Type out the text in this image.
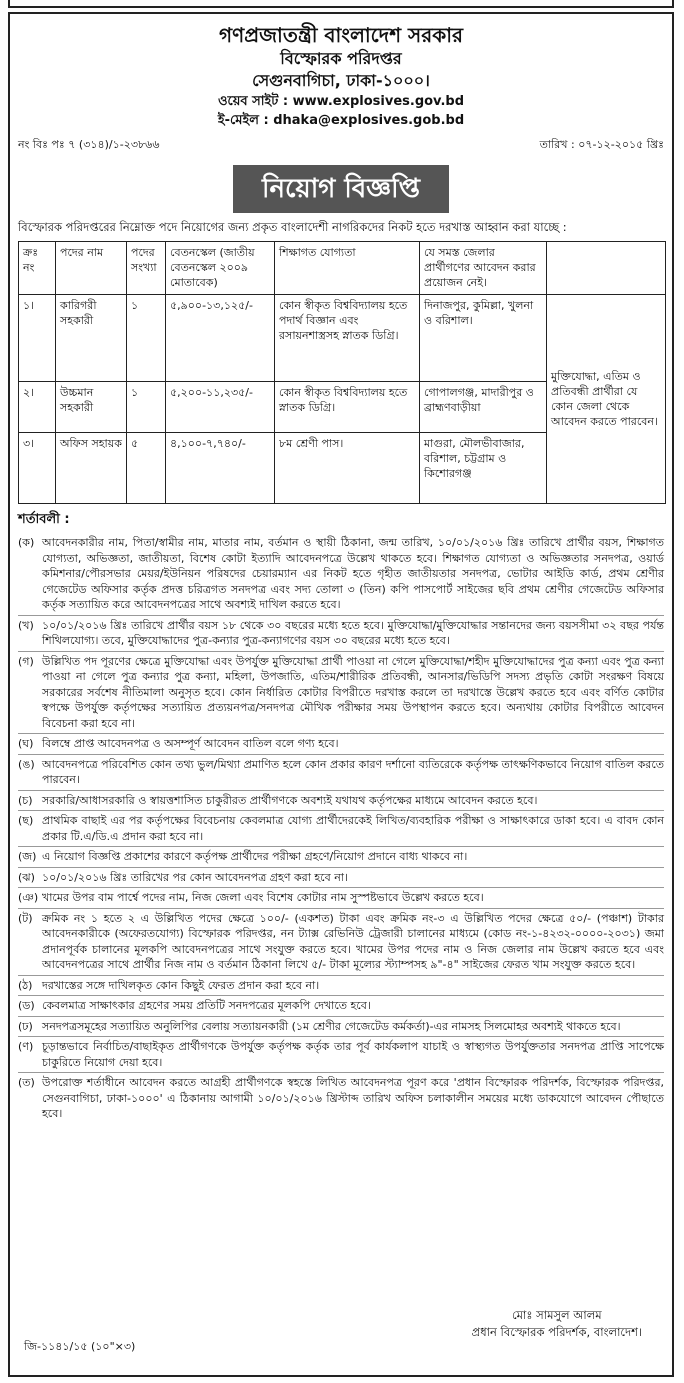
গণপ্রজাতন্ত্রী বাংলাদেশ সরকার
বিস্ফোরক পরিদপ্তর
সেগুনবাগিচা, ঢাকা-১০০০।
ওয়েব সাইট : www.explosives.gov.bd
ই-মেইল : dhaka@explosives.gob.bd
নং বিঃ পঃ ৭ (৩১৪)/১-২৩৮৬৬	তারিখ : ০৭-১২-২০১৫ খ্রিঃ
নিয়োগ বিজ্ঞপ্তি
বিস্ফোরক পরিদপ্তরের নিম্নোক্ত পদে নিয়োগের জন্য প্রকৃত বাংলাদেশী নাগরিকদের নিকট হতে দরখাস্ত আহ্বান করা যাচ্ছে :
ক্রঃ নং	পদের নাম	পদের সংখ্যা	বেতনস্কেল (জাতীয় বেতনস্কেল ২০০৯ মোতাবেক)	শিক্ষাগত যোগ্যতা	যে সমস্ত জেলার প্রার্থীগণের আবেদন করার প্রয়োজন নেই।	
১।	কারিগরী সহকারী	১	৫,৯০০-১৩,১২৫/-	কোন স্বীকৃত বিশ্ববিদ্যালয় হতে পদার্থ বিজ্ঞান এবং রসায়নশাস্ত্রসহ স্নাতক ডিগ্রি।	দিনাজপুর, কুমিল্লা, খুলনা ও বরিশাল।	মুক্তিযোদ্ধা, এতিম ও প্রতিবন্ধী প্রার্থীরা যে কোন জেলা থেকে আবেদন করতে পারবেন।
২।	উচ্চমান সহকারী	১	৫,২০০-১১,২৩৫/-	কোন স্বীকৃত বিশ্ববিদ্যালয় হতে স্নাতক ডিগ্রি।	গোপালগঞ্জ, মাদারীপুর ও ব্রাহ্মণবাড়ীয়া	
৩।	অফিস সহায়ক	৫	৪,১০০-৭,৭৪০/-	৮ম শ্রেণী পাস।	মাগুরা, মৌলভীবাজার, বরিশাল, চট্টগ্রাম ও কিশোরগঞ্জ	
শর্তাবলী :
(ক) আবেদনকারীর নাম, পিতা/স্বামীর নাম, মাতার নাম, বর্তমান ও স্থায়ী ঠিকানা, জন্ম তারিখ, ১০/০১/২০১৬ খ্রিঃ তারিখে প্রার্থীর বয়স, শিক্ষাগত যোগ্যতা, অভিজ্ঞতা, জাতীয়তা, বিশেষ কোটা ইত্যাদি আবেদনপত্রে উল্লেখ থাকতে হবে। শিক্ষাগত যোগ্যতা ও অভিজ্ঞতার সনদপত্র, ওয়ার্ড কমিশনার/পৌরসভার মেয়র/ইউনিয়ন পরিষদের চেয়ারম্যান এর নিকট হতে গৃহীত জাতীয়তার সনদপত্র, ভোটার আইডি কার্ড, প্রথম শ্রেণীর গেজেটেড অফিসার কর্তৃক প্রদত্ত চরিত্রগত সনদপত্র এবং সদ্য তোলা ৩ (তিন) কপি পাসপোর্ট সাইজের ছবি প্রথম শ্রেণীর গেজেটেড অফিসার কর্তৃক সত্যায়িত করে আবেদনপত্রের সাথে অবশ্যই দাখিল করতে হবে।
(খ) ১০/০১/২০১৬ খ্রিঃ তারিখে প্রার্থীর বয়স ১৮ থেকে ৩০ বছরের মধ্যে হতে হবে। মুক্তিযোদ্ধা/মুক্তিযোদ্ধার সন্তানদের জন্য বয়সসীমা ৩২ বছর পর্যন্ত শিথিলযোগ্য। তবে, মুক্তিযোদ্ধাদের পুত্র-কন্যার পুত্র-কন্যাগণের বয়স ৩০ বছরের মধ্যে হতে হবে।
(গ) উল্লিখিত পদ পূরণের ক্ষেত্রে মুক্তিযোদ্ধা এবং উপর্যুক্ত মুক্তিযোদ্ধা প্রার্থী পাওয়া না গেলে মুক্তিযোদ্ধা/শহীদ মুক্তিযোদ্ধাদের পুত্র কন্যা এবং পুত্র কন্যা পাওয়া না গেলে পুত্র কন্যার পুত্র কন্যা, মহিলা, উপজাতি, এতিম/শারীরিক প্রতিবন্ধী, আনসার/ভিডিপি সদস্য প্রভৃতি কোটা সংরক্ষণ বিষয়ে সরকারের সর্বশেষ নীতিমালা অনুসৃত হবে। কোন নির্ধারিত কোটার বিপরীতে দরখাস্ত করলে তা দরখাস্তে উল্লেখ করতে হবে এবং বর্ণিত কোটার স্বপক্ষে উপর্যুক্ত কর্তৃপক্ষের সত্যায়িত প্রত্যয়নপত্র/সনদপত্র মৌখিক পরীক্ষার সময় উপস্থাপন করতে হবে। অন্যথায় কোটার বিপরীতে আবেদন বিবেচনা করা হবে না।
(ঘ) বিলম্বে প্রাপ্ত আবেদনপত্র ও অসম্পূর্ণ আবেদন বাতিল বলে গণ্য হবে।
(ঙ) আবেদনপত্রে পরিবেশিত কোন তথ্য ভুল/মিথ্যা প্রমাণিত হলে কোন প্রকার কারণ দর্শানো ব্যতিরেকে কর্তৃপক্ষ তাৎক্ষণিকভাবে নিয়োগ বাতিল করতে পারবেন।
(চ) সরকারি/আধাসরকারি ও স্বায়ত্তশাসিত চাকুরীরত প্রার্থীগণকে অবশ্যই যথাযথ কর্তৃপক্ষের মাধ্যমে আবেদন করতে হবে।
(ছ) প্রাথমিক বাছাই এর পর কর্তৃপক্ষের বিবেচনায় কেবলমাত্র যোগ্য প্রার্থীদেরকেই লিখিত/ব্যবহারিক পরীক্ষা ও সাক্ষাৎকারে ডাকা হবে। এ বাবদ কোন প্রকার টি.এ/ডি.এ প্রদান করা হবে না।
(জ) এ নিয়োগ বিজ্ঞপ্তি প্রকাশের কারণে কর্তৃপক্ষ প্রার্থীদের পরীক্ষা গ্রহণে/নিয়োগ প্রদানে বাধ্য থাকবে না।
(ঝ) ১০/০১/২০১৬ খ্রিঃ তারিখের পর কোন আবেদনপত্র গ্রহণ করা হবে না।
(ঞ) খামের উপর বাম পার্শ্বে পদের নাম, নিজ জেলা এবং বিশেষ কোটার নাম সুস্পষ্টভাবে উল্লেখ করতে হবে।
(ট) ক্রমিক নং ১ হতে ২ এ উল্লিখিত পদের ক্ষেত্রে ১০০/- (একশত) টাকা এবং ক্রমিক নং-৩ এ উল্লিখিত পদের ক্ষেত্রে ৫০/- (পঞ্চাশ) টাকার আবেদনকারীকে (অফেরতযোগ্য) বিস্ফোরক পরিদপ্তর, নন ট্যাক্স রেভিনিউ ট্রেজারী চালানের মাধ্যমে (কোড নং-১-৪২৩২-০০০০-২০৩১) জমা প্রদানপূর্বক চালানের মূলকপি আবেদনপত্রের সাথে সংযুক্ত করতে হবে। খামের উপর পদের নাম ও নিজ জেলার নাম উল্লেখ করতে হবে এবং আবেদনপত্রের সাথে প্রার্থীর নিজ নাম ও বর্তমান ঠিকানা লিখে ৫/- টাকা মূল্যের স্ট্যাম্পসহ ৯"-৪" সাইজের ফেরত খাম সংযুক্ত করতে হবে।
(ঠ) দরখাস্তের সঙ্গে দাখিলকৃত কোন কিছুই ফেরত প্রদান করা হবে না।
(ড) কেবলমাত্র সাক্ষাৎকার গ্রহণের সময় প্রতিটি সনদপত্রের মূলকপি দেখাতে হবে।
(ঢ) সনদপত্রসমূহের সত্যায়িত অনুলিপির বেলায় সত্যায়নকারী (১ম শ্রেণীর গেজেটেড কর্মকর্তা)-এর নামসহ সিলমোহর অবশ্যই থাকতে হবে।
(ণ) চূড়ান্তভাবে নির্বাচিত/বাছাইকৃত প্রার্থীগণকে উপর্যুক্ত কর্তৃপক্ষ কর্তৃক তার পূর্ব কার্যকলাপ যাচাই ও স্বাস্থ্যগত উপর্যুক্ততার সনদপত্র প্রাপ্তি সাপেক্ষে চাকুরিতে নিয়োগ দেয়া হবে।
(ত) উপরোক্ত শর্তাধীনে আবেদন করতে আগ্রহী প্রার্থীগণকে স্বহস্তে লিখিত আবেদনপত্র পূরণ করে 'প্রধান বিস্ফোরক পরিদর্শক, বিস্ফোরক পরিদপ্তর, সেগুনবাগিচা, ঢাকা-১০০০' এ ঠিকানায় আগামী ১০/০১/২০১৬ খ্রিস্টাব্দ তারিখ অফিস চলাকালীন সময়ের মধ্যে ডাকযোগে আবেদন পৌছাতে হবে।
মোঃ সামসুল আলম
প্রধান বিস্ফোরক পরিদর্শক, বাংলাদেশ।
জি-১১৪১/১৫ (১০"×৩)
